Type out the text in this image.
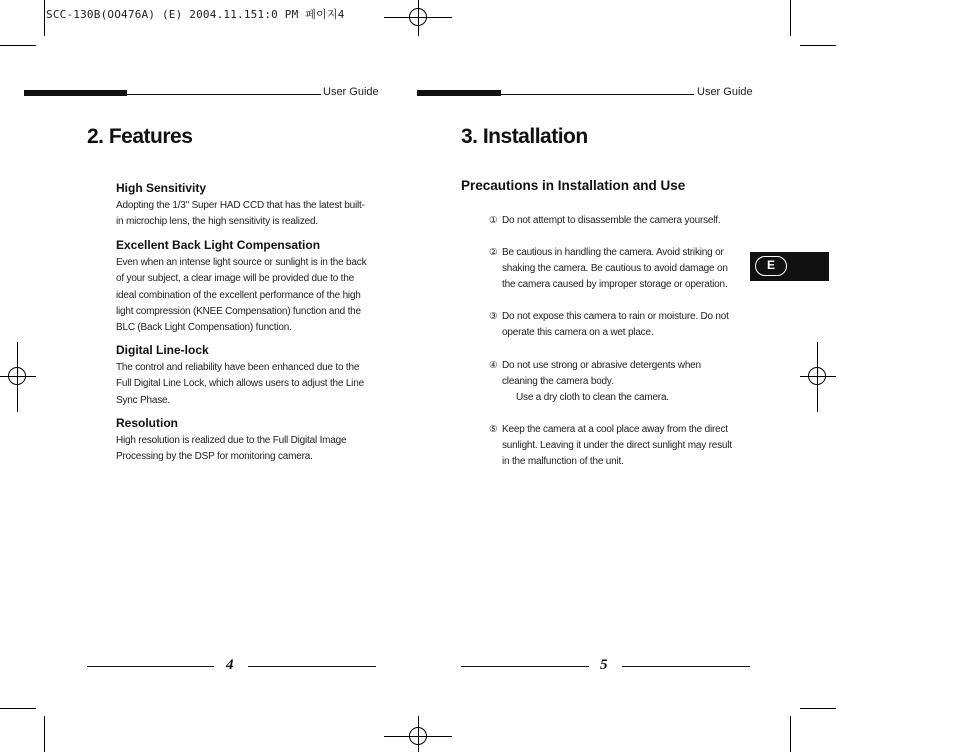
SCC-130B(OO476A) (E) 2004.11.151:0 PM 페이지4
User Guide
2. Features
High Sensitivity
Adopting the 1/3" Super HAD CCD that has the latest built-
in microchip lens, the high sensitivity is realized.
Excellent Back Light Compensation
Even when an intense light source or sunlight is in the back
of your subject, a clear image will be provided due to the
ideal combination of the excellent performance of the high
light compression (KNEE Compensation) function and the
BLC (Back Light Compensation) function.
Digital Line-lock
The control and reliability have been enhanced due to the
Full Digital Line Lock, which allows users to adjust the Line
Sync Phase.
Resolution
High resolution is realized due to the Full Digital Image
Processing by the DSP for monitoring camera.
4
User Guide
3. Installation
Precautions in Installation and Use
① Do not attempt to disassemble the camera yourself.
② Be cautious in handling the camera. Avoid striking or
shaking the camera. Be cautious to avoid damage on
the camera caused by improper storage or operation.
③ Do not expose this camera to rain or moisture. Do not
operate this camera on a wet place.
④ Do not use strong or abrasive detergents when
cleaning the camera body.
Use a dry cloth to clean the camera.
⑤ Keep the camera at a cool place away from the direct
sunlight. Leaving it under the direct sunlight may result
in the malfunction of the unit.
E
5
